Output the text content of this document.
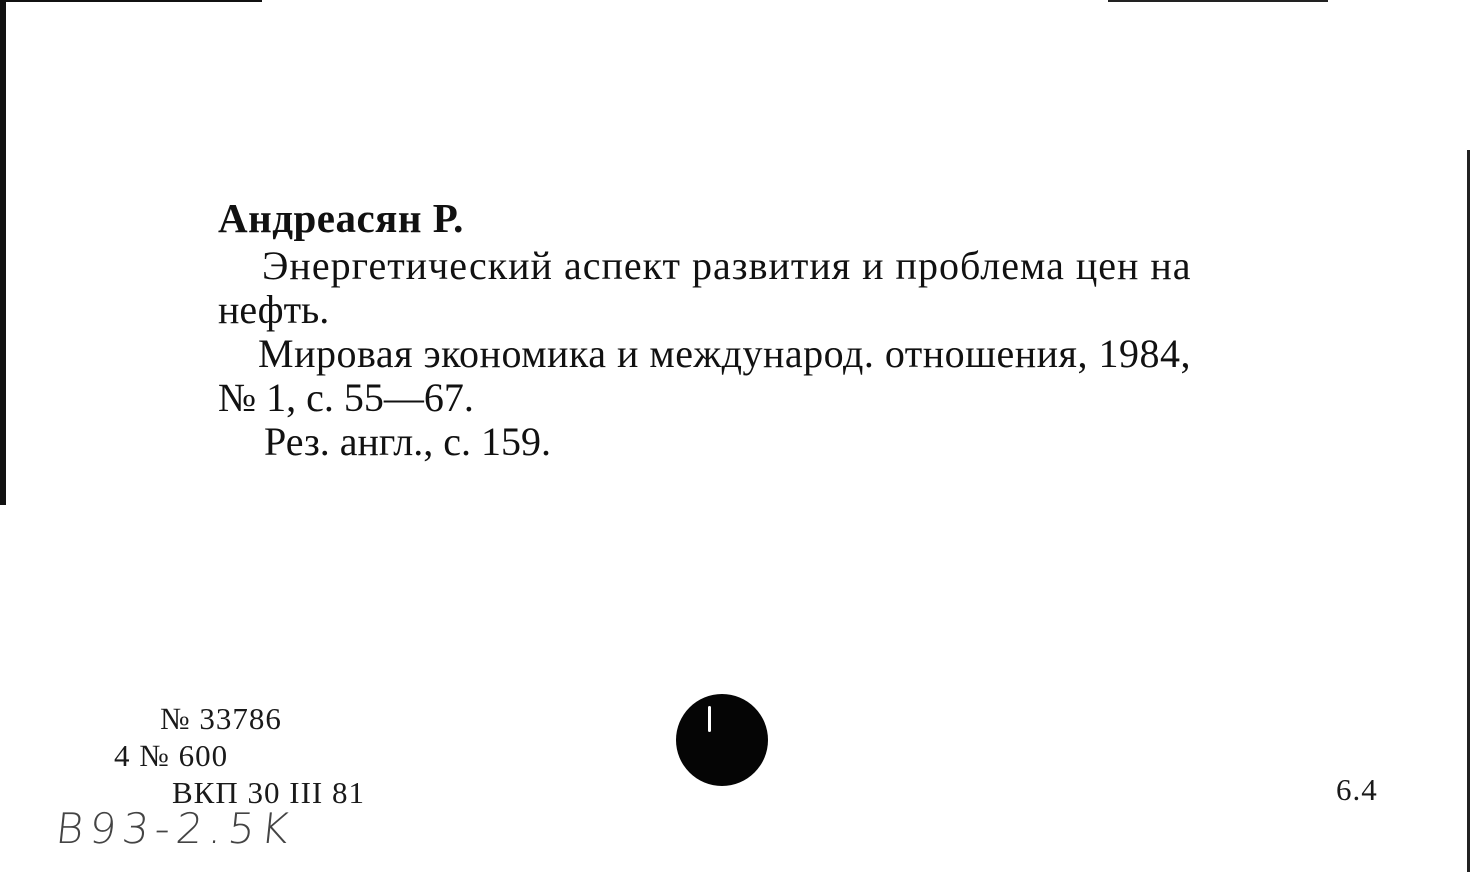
Андреасян Р.
Энергетический аспект развития и проблема цен на
нефть.
Мировая экономика и международ. отношения, 1984,
№ 1, с. 55—67.
Рез. англ., с. 159.
№ 33786
4 № 600
ВКП 30 III 81
B93-2.5K
6.4
